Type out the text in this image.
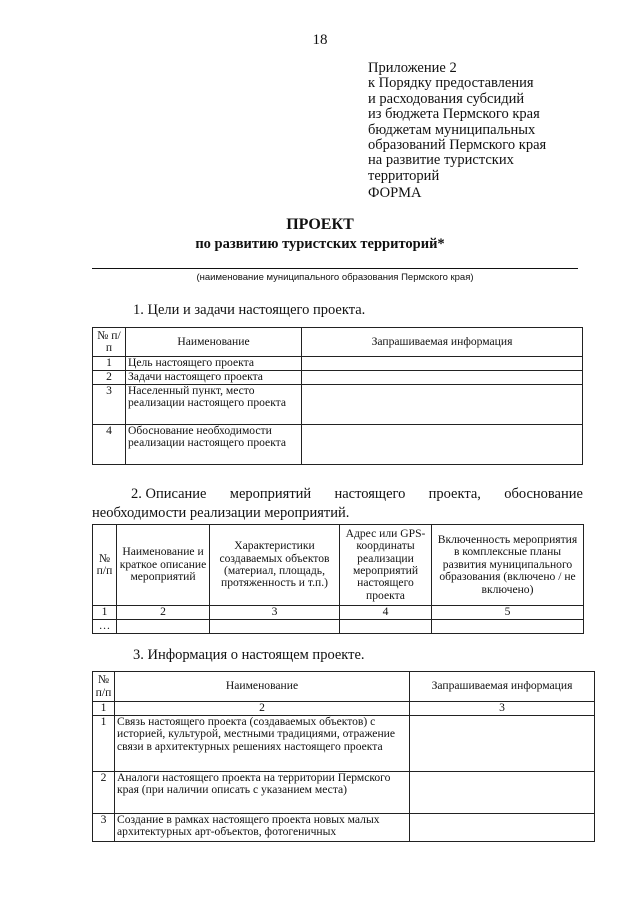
18
Приложение 2
к Порядку предоставления
и расходования субсидий
из бюджета Пермского края
бюджетам муниципальных
образований Пермского края
на развитие туристских
территорий
ФОРМА
ПРОЕКТ
по развитию туристских территорий*
(наименование муниципального образования Пермского края)
1. Цели и задачи настоящего проекта.
№ п/п	Наименование	Запрашиваемая информация
1	Цель настоящего проекта	
2	Задачи настоящего проекта	
3	Населенный пункт, место реализации настоящего проекта	
4	Обоснование необходимости реализации настоящего проекта	
2. Описание мероприятий настоящего проекта, обоснование
необходимости реализации мероприятий.
№ п/п	Наименование и краткое описание мероприятий	Характеристики создаваемых объектов (материал, площадь, протяженность и т.п.)	Адрес или GPS-координаты реализации мероприятий настоящего проекта	Включенность мероприятия в комплексные планы развития муниципального образования (включено / не включено)
1	2	3	4	5
…				
3. Информация о настоящем проекте.
№ п/п	Наименование	Запрашиваемая информация
1	2	3
1	Связь настоящего проекта (создаваемых объектов) с историей, культурой, местными традициями, отражение связи в архитектурных решениях настоящего проекта	
2	Аналоги настоящего проекта на территории Пермского края (при наличии описать с указанием места)	
3	Создание в рамках настоящего проекта новых малых архитектурных арт-объектов, фотогеничных	
